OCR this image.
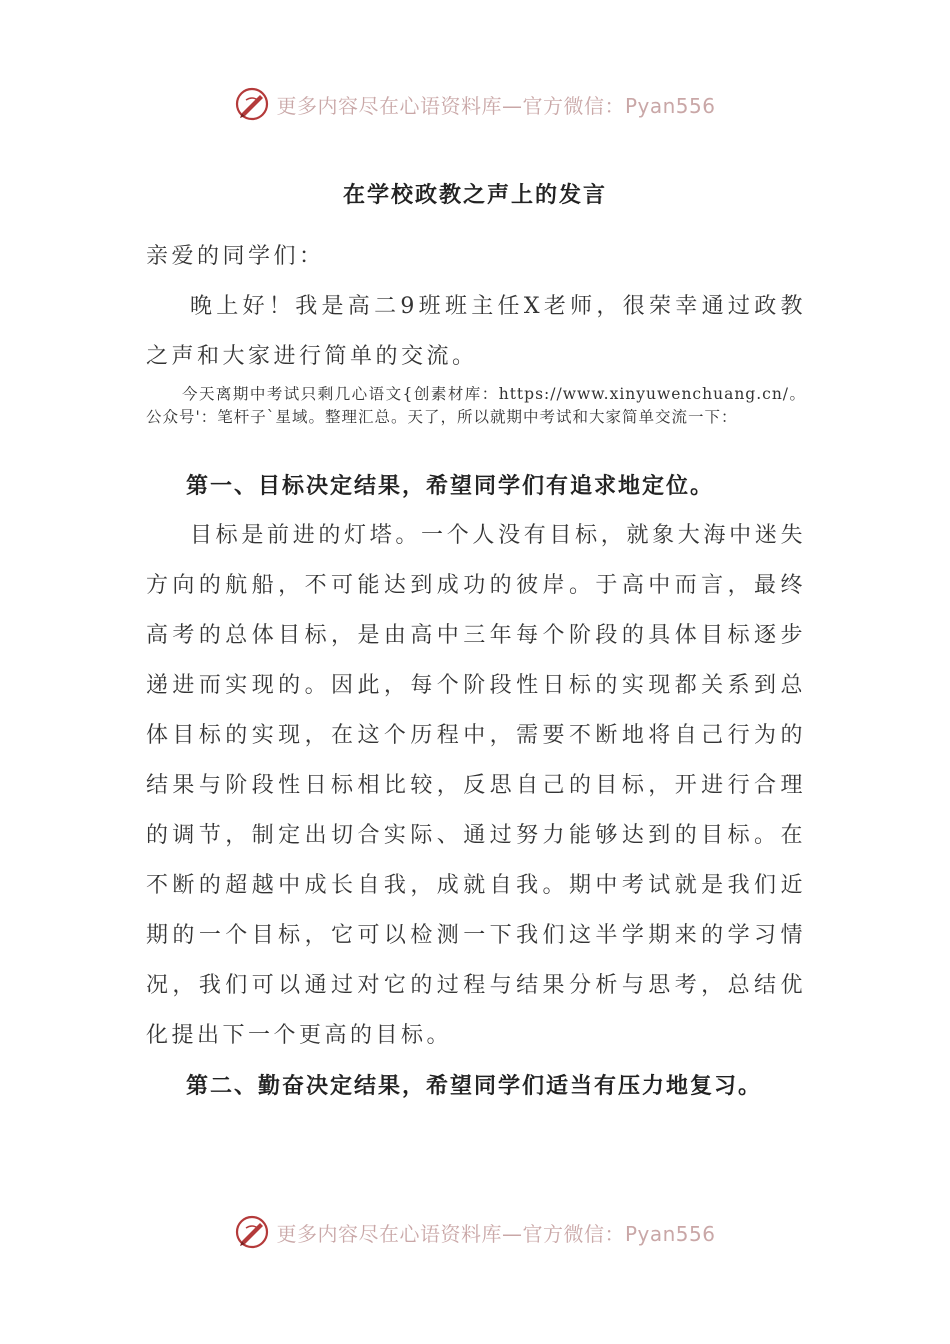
更多内容尽在心语资料库—官方微信：Pyan556
在学校政教之声上的发言
亲爱的同学们：
晚上好！我是高二9班班主任X老师，很荣幸通过政教之声和大家进行简单的交流。
今天离期中考试只剩几心语文{创素材库：https://www.xinyuwenchuang.cn/。公众号'：笔杆子`星域。整理汇总。天了，所以就期中考试和大家简单交流一下：
第一、目标决定结果，希望同学们有追求地定位。
目标是前进的灯塔。一个人没有目标，就象大海中迷失方向的航船，不可能达到成功的彼岸。于高中而言，最终高考的总体目标，是由高中三年每个阶段的具体目标逐步递进而实现的。因此，每个阶段性日标的实现都关系到总体目标的实现，在这个历程中，需要不断地将自己行为的结果与阶段性日标相比较，反思自己的目标，开进行合理的调节，制定出切合实际、通过努力能够达到的目标。在不断的超越中成长自我，成就自我。期中考试就是我们近期的一个目标，它可以检测一下我们这半学期来的学习情况，我们可以通过对它的过程与结果分析与思考，总结优化提出下一个更高的目标。
第二、勤奋决定结果，希望同学们适当有压力地复习。
更多内容尽在心语资料库—官方微信：Pyan556
